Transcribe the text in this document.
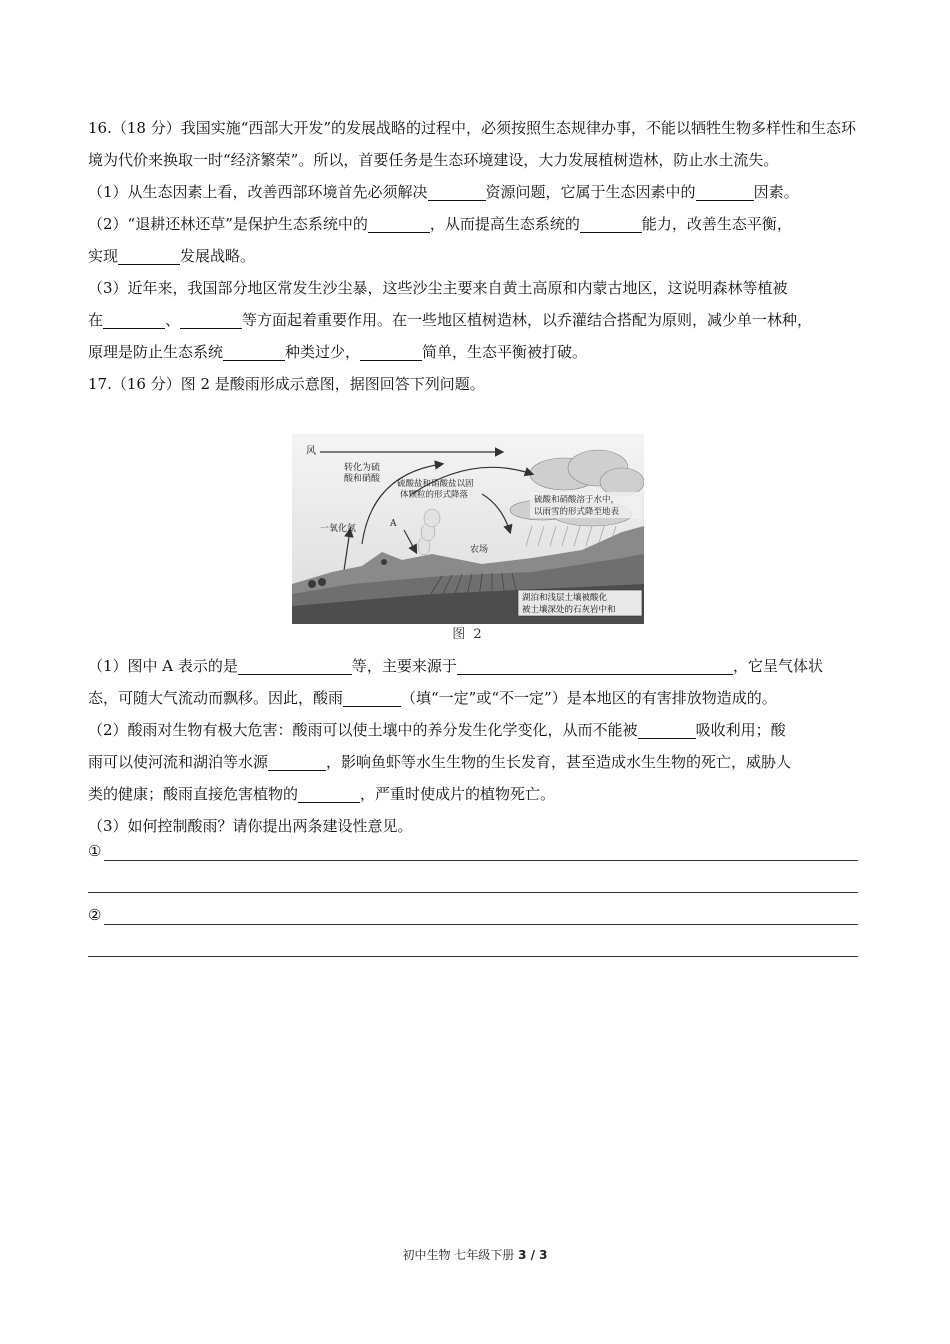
16.（18 分）我国实施“西部大开发”的发展战略的过程中，必须按照生态规律办事，不能以牺牲生物多样性和生态环境为代价来换取一时“经济繁荣”。所以，首要任务是生态环境建设，大力发展植树造林，防止水土流失。

（1）从生态因素上看，改善西部环境首先必须解决	资源问题，它属于生态因素中的	因素。

（2）“退耕还林还草”是保护生态系统中的	，从而提高生态系统的	能力，改善生态平衡，

实现	发展战略。

（3）近年来，我国部分地区常发生沙尘暴，这些沙尘主要来自黄土高原和内蒙古地区，这说明森林等植被

在	、	等方面起着重要作用。在一些地区植树造林，以乔灌结合搭配为原则，减少单一林种，

原理是防止生态系统	种类过少，	简单，生态平衡被打破。

17.（16 分）图 2 是酸雨形成示意图，据图回答下列问题。

风
转化为硫
酸和硝酸 硫酸盐和硝酸盐以固
体颗粒的形式降落	硫酸和硝酸溶于水中，
以雨雪的形式降至地表
A
一氧化氮
农场
湖泊和浅层土壤被酸化
被土壤深处的石灰岩中和
图 2

（1）图中 A 表示的是	等，主要来源于	，它呈气体状

态，可随大气流动而飘移。因此，酸雨	（填“一定”或“不一定”）是本地区的有害排放物造成的。

（2）酸雨对生物有极大危害：酸雨可以使土壤中的养分发生化学变化，从而不能被	吸收利用；酸

雨可以使河流和湖泊等水源	，影响鱼虾等水生生物的生长发育，甚至造成水生生物的死亡，威胁人

类的健康；酸雨直接危害植物的	，严重时使成片的植物死亡。

（3）如何控制酸雨？请你提出两条建设性意见。

①
②
初中生物 七年级下册 3 / 3
